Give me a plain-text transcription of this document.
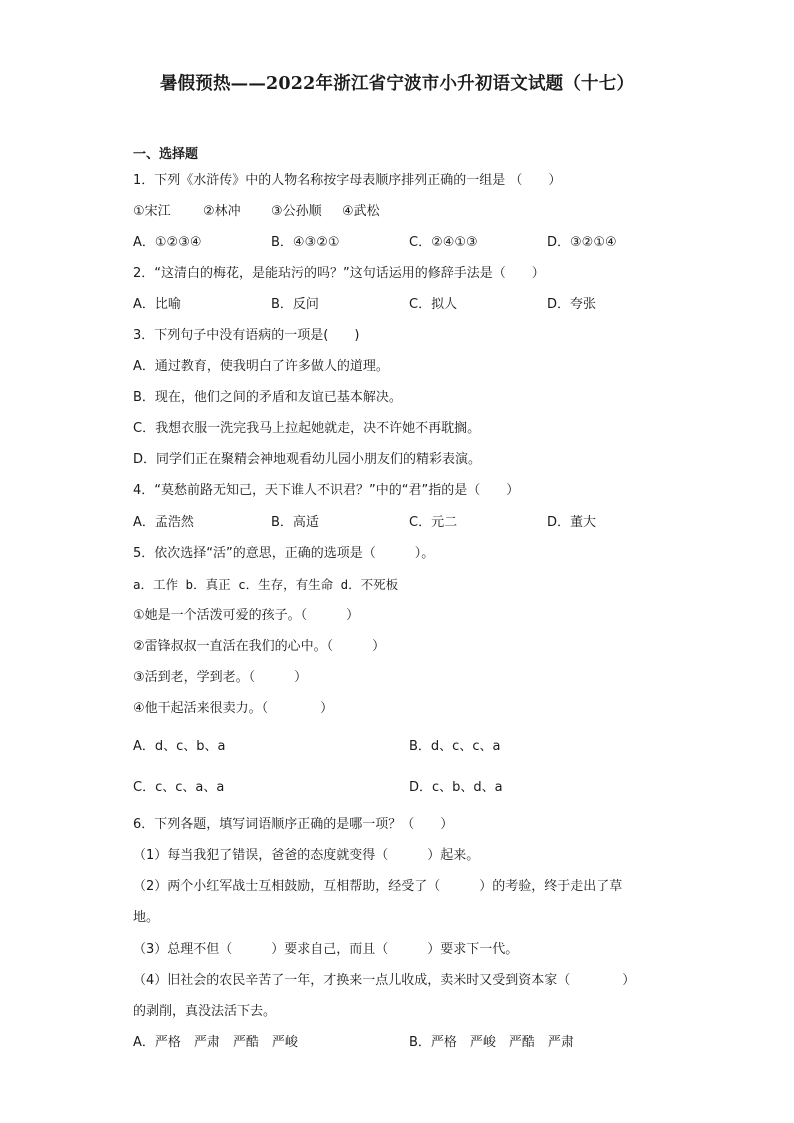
暑假预热——2022年浙江省宁波市小升初语文试题（十七）
一、选择题
1．下列《水浒传》中的人物名称按字母表顺序排列正确的一组是 （　　）
①宋江 ②林冲 ③公孙顺 ④武松
A．①②③④	B．④③②①	C．②④①③	D．③②①④
2．“这清白的梅花，是能玷污的吗？”这句话运用的修辞手法是（　　）
A．比喻	B．反问	C．拟人	D．夸张
3．下列句子中没有语病的一项是(　　)
A．通过教育，使我明白了许多做人的道理。
B．现在，他们之间的矛盾和友谊已基本解决。
C．我想衣服一洗完我马上拉起她就走，决不许她不再耽搁。
D．同学们正在聚精会神地观看幼儿园小朋友们的精彩表演。
4．“莫愁前路无知己，天下谁人不识君？”中的“君”指的是（　　）
A．孟浩然	B．高适	C．元二	D．董大
5．依次选择“活”的意思，正确的选项是（　　　）。
a．工作 b．真正 c．生存，有生命 d．不死板
①她是一个活泼可爱的孩子。（　　　）
②雷锋叔叔一直活在我们的心中。（　　　）
③活到老，学到老。（　　　）
④他干起活来很卖力。（　　　　）
A．d、c、b、a	B．d、c、c、a
C．c、c、a、a	D．c、b、d、a
6．下列各题，填写词语顺序正确的是哪一项？（　　）
（1）每当我犯了错误，爸爸的态度就变得（　　　）起来。
（2）两个小红军战士互相鼓励，互相帮助，经受了（　　　）的考验，终于走出了草
地。
（3）总理不但（　　　）要求自己，而且（　　　）要求下一代。
（4）旧社会的农民辛苦了一年，才换来一点儿收成，卖米时又受到资本家（　　　　）
的剥削，真没法活下去。
A．严格　严肃　严酷　严峻	B．严格　严峻　严酷　严肃
